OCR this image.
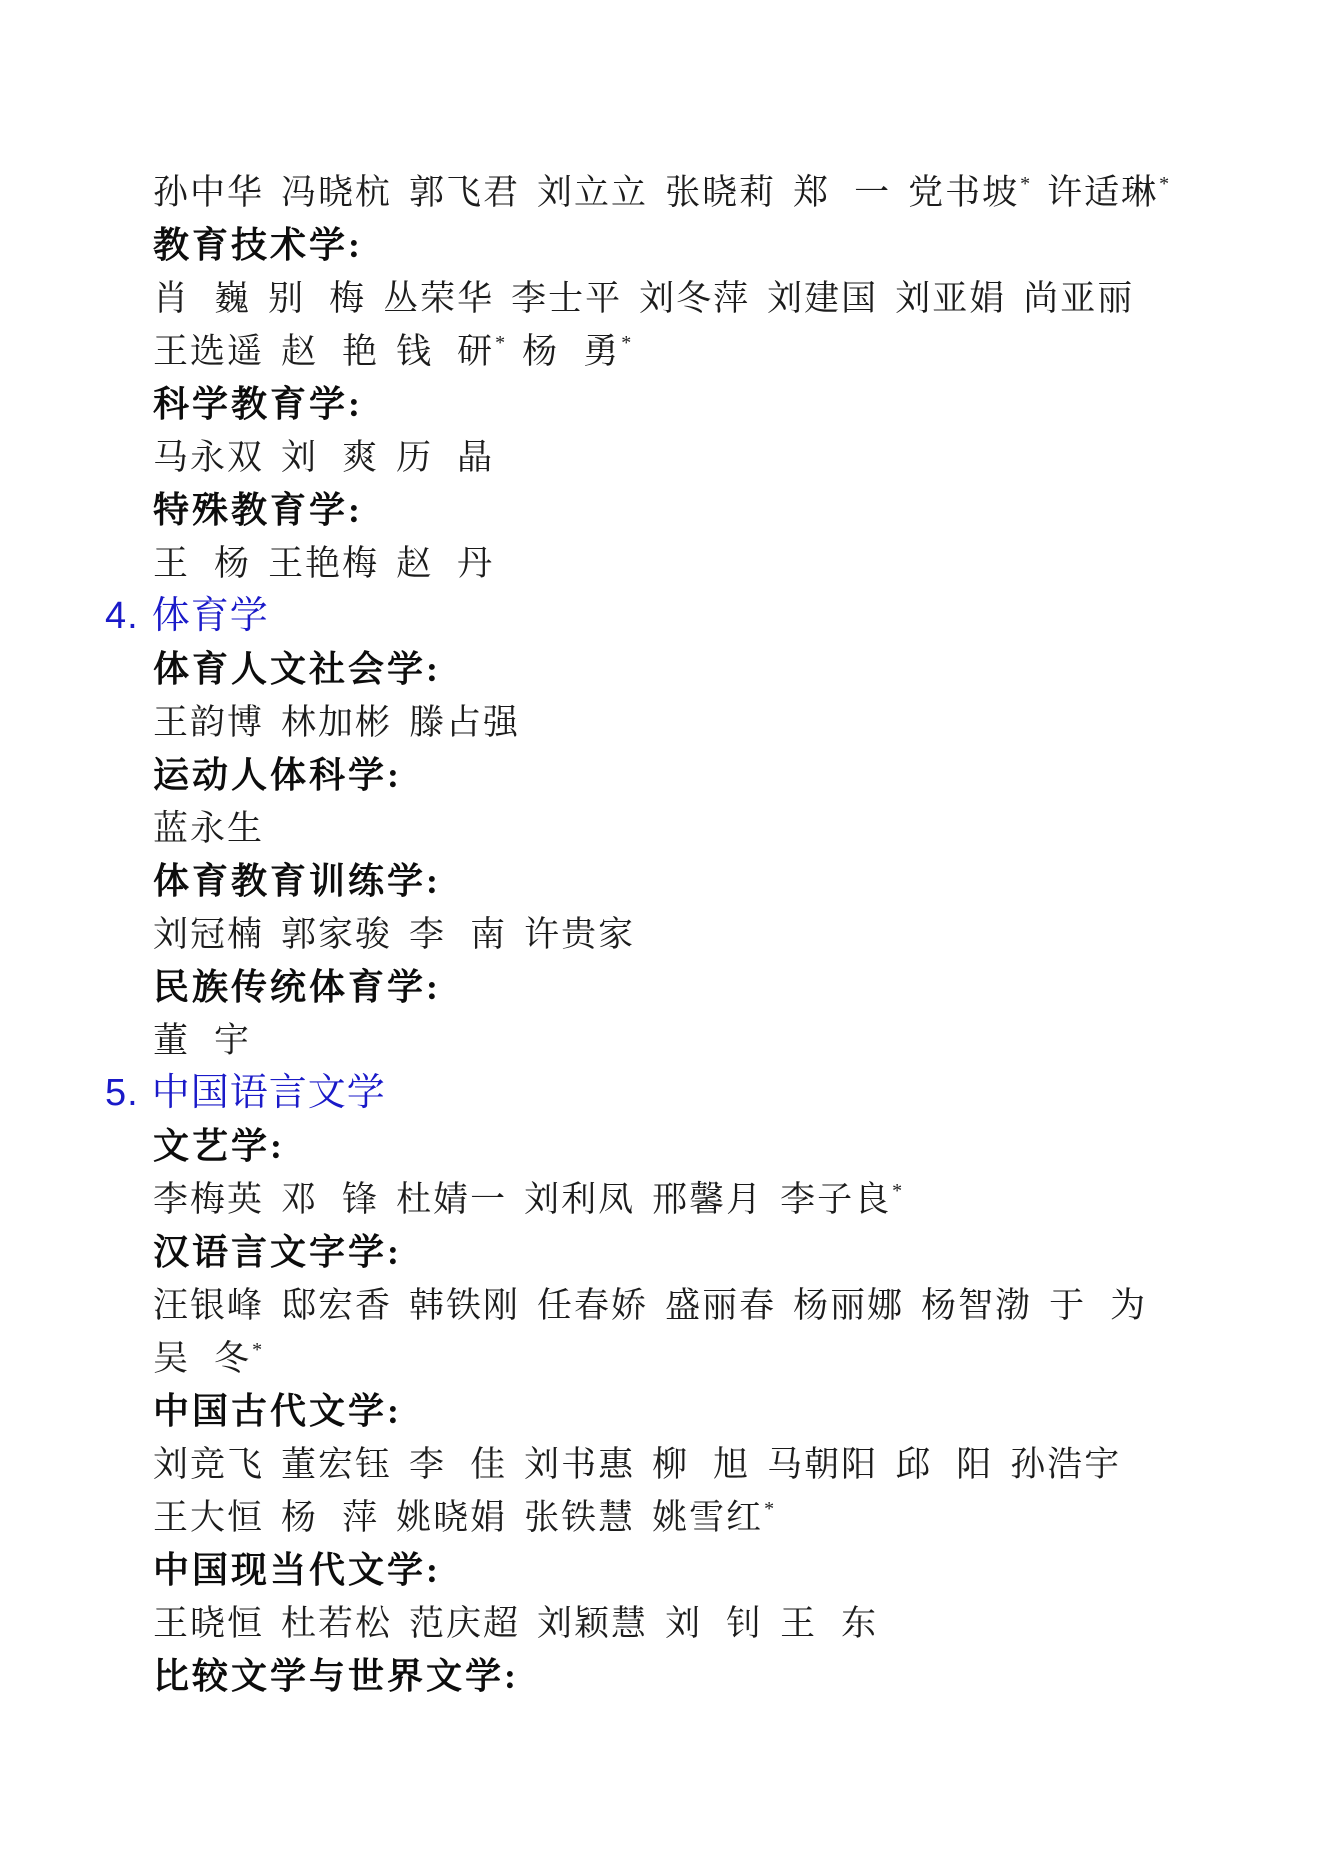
孙中华 冯晓杭 郭飞君 刘立立 张晓莉 郑 一 党书坡* 许适琳*
教育技术学:
肖 巍 别 梅 丛荣华 李士平 刘冬萍 刘建国 刘亚娟 尚亚丽
王选遥 赵 艳 钱 研* 杨 勇*
科学教育学:
马永双 刘 爽 历 晶
特殊教育学:
王 杨 王艳梅 赵 丹
4. 体育学
体育人文社会学:
王韵博 林加彬 滕占强
运动人体科学:
蓝永生
体育教育训练学:
刘冠楠 郭家骏 李 南 许贵家
民族传统体育学:
董 宇
5. 中国语言文学
文艺学:
李梅英 邓 锋 杜婧一 刘利凤 邢馨月 李子良*
汉语言文字学:
汪银峰 邸宏香 韩铁刚 任春娇 盛丽春 杨丽娜 杨智渤 于 为
吴 冬*
中国古代文学:
刘竞飞 董宏钰 李 佳 刘书惠 柳 旭 马朝阳 邱 阳 孙浩宇
王大恒 杨 萍 姚晓娟 张铁慧 姚雪红*
中国现当代文学:
王晓恒 杜若松 范庆超 刘颖慧 刘 钊 王 东
比较文学与世界文学:
